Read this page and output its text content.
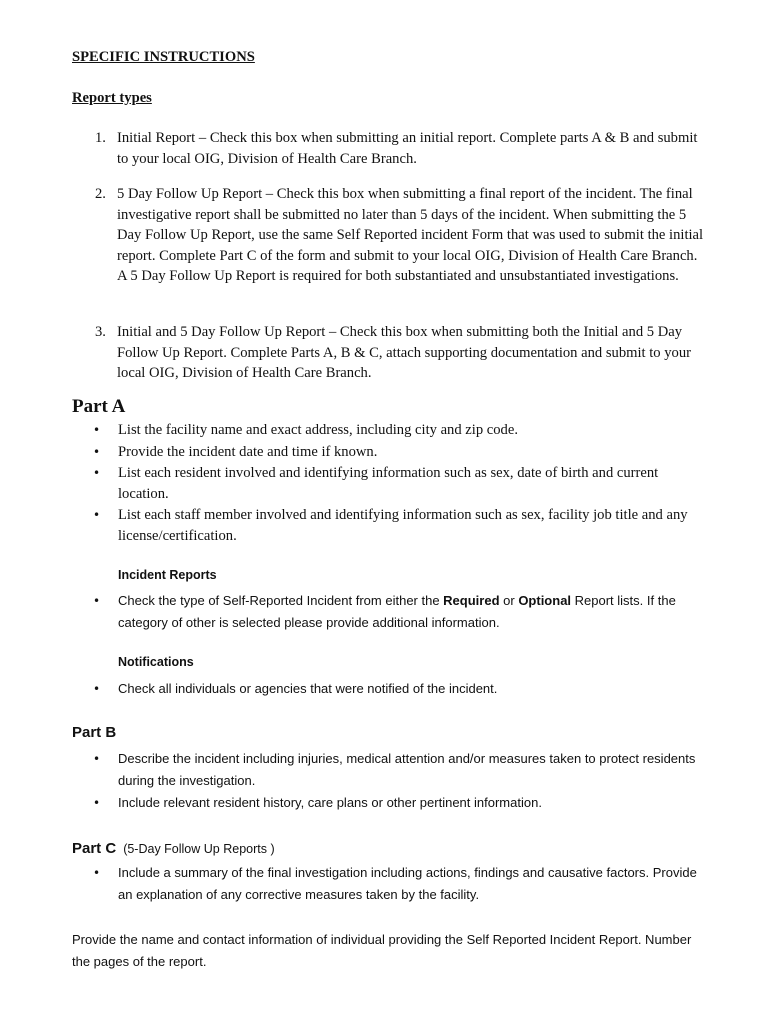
SPECIFIC INSTRUCTIONS
Report types
1. Initial Report – Check this box when submitting an initial report. Complete parts A & B and submit to your local OIG, Division of Health Care Branch.
2. 5 Day Follow Up Report – Check this box when submitting a final report of the incident. The final investigative report shall be submitted no later than 5 days of the incident. When submitting the 5 Day Follow Up Report, use the same Self Reported incident Form that was used to submit the initial report. Complete Part C of the form and submit to your local OIG, Division of Health Care Branch. A 5 Day Follow Up Report is required for both substantiated and unsubstantiated investigations.
3. Initial and 5 Day Follow Up Report – Check this box when submitting both the Initial and 5 Day Follow Up Report. Complete Parts A, B & C, attach supporting documentation and submit to your local OIG, Division of Health Care Branch.
Part A
•	List the facility name and exact address, including city and zip code.
•	Provide the incident date and time if known.
•	List each resident involved and identifying information such as sex, date of birth and current location.
•	List each staff member involved and identifying information such as sex, facility job title and any license/certification.
Incident Reports
•	Check the type of Self-Reported Incident from either the Required or Optional Report lists. If the category of other is selected please provide additional information.
Notifications
•	Check all individuals or agencies that were notified of the incident.
Part B
•	Describe the incident including injuries, medical attention and/or measures taken to protect residents during the investigation.
•	Include relevant resident history, care plans or other pertinent information.
Part C (5-Day Follow Up Reports )
•	Include a summary of the final investigation including actions, findings and causative factors. Provide an explanation of any corrective measures taken by the facility.
Provide the name and contact information of individual providing the Self Reported Incident Report. Number the pages of the report.
